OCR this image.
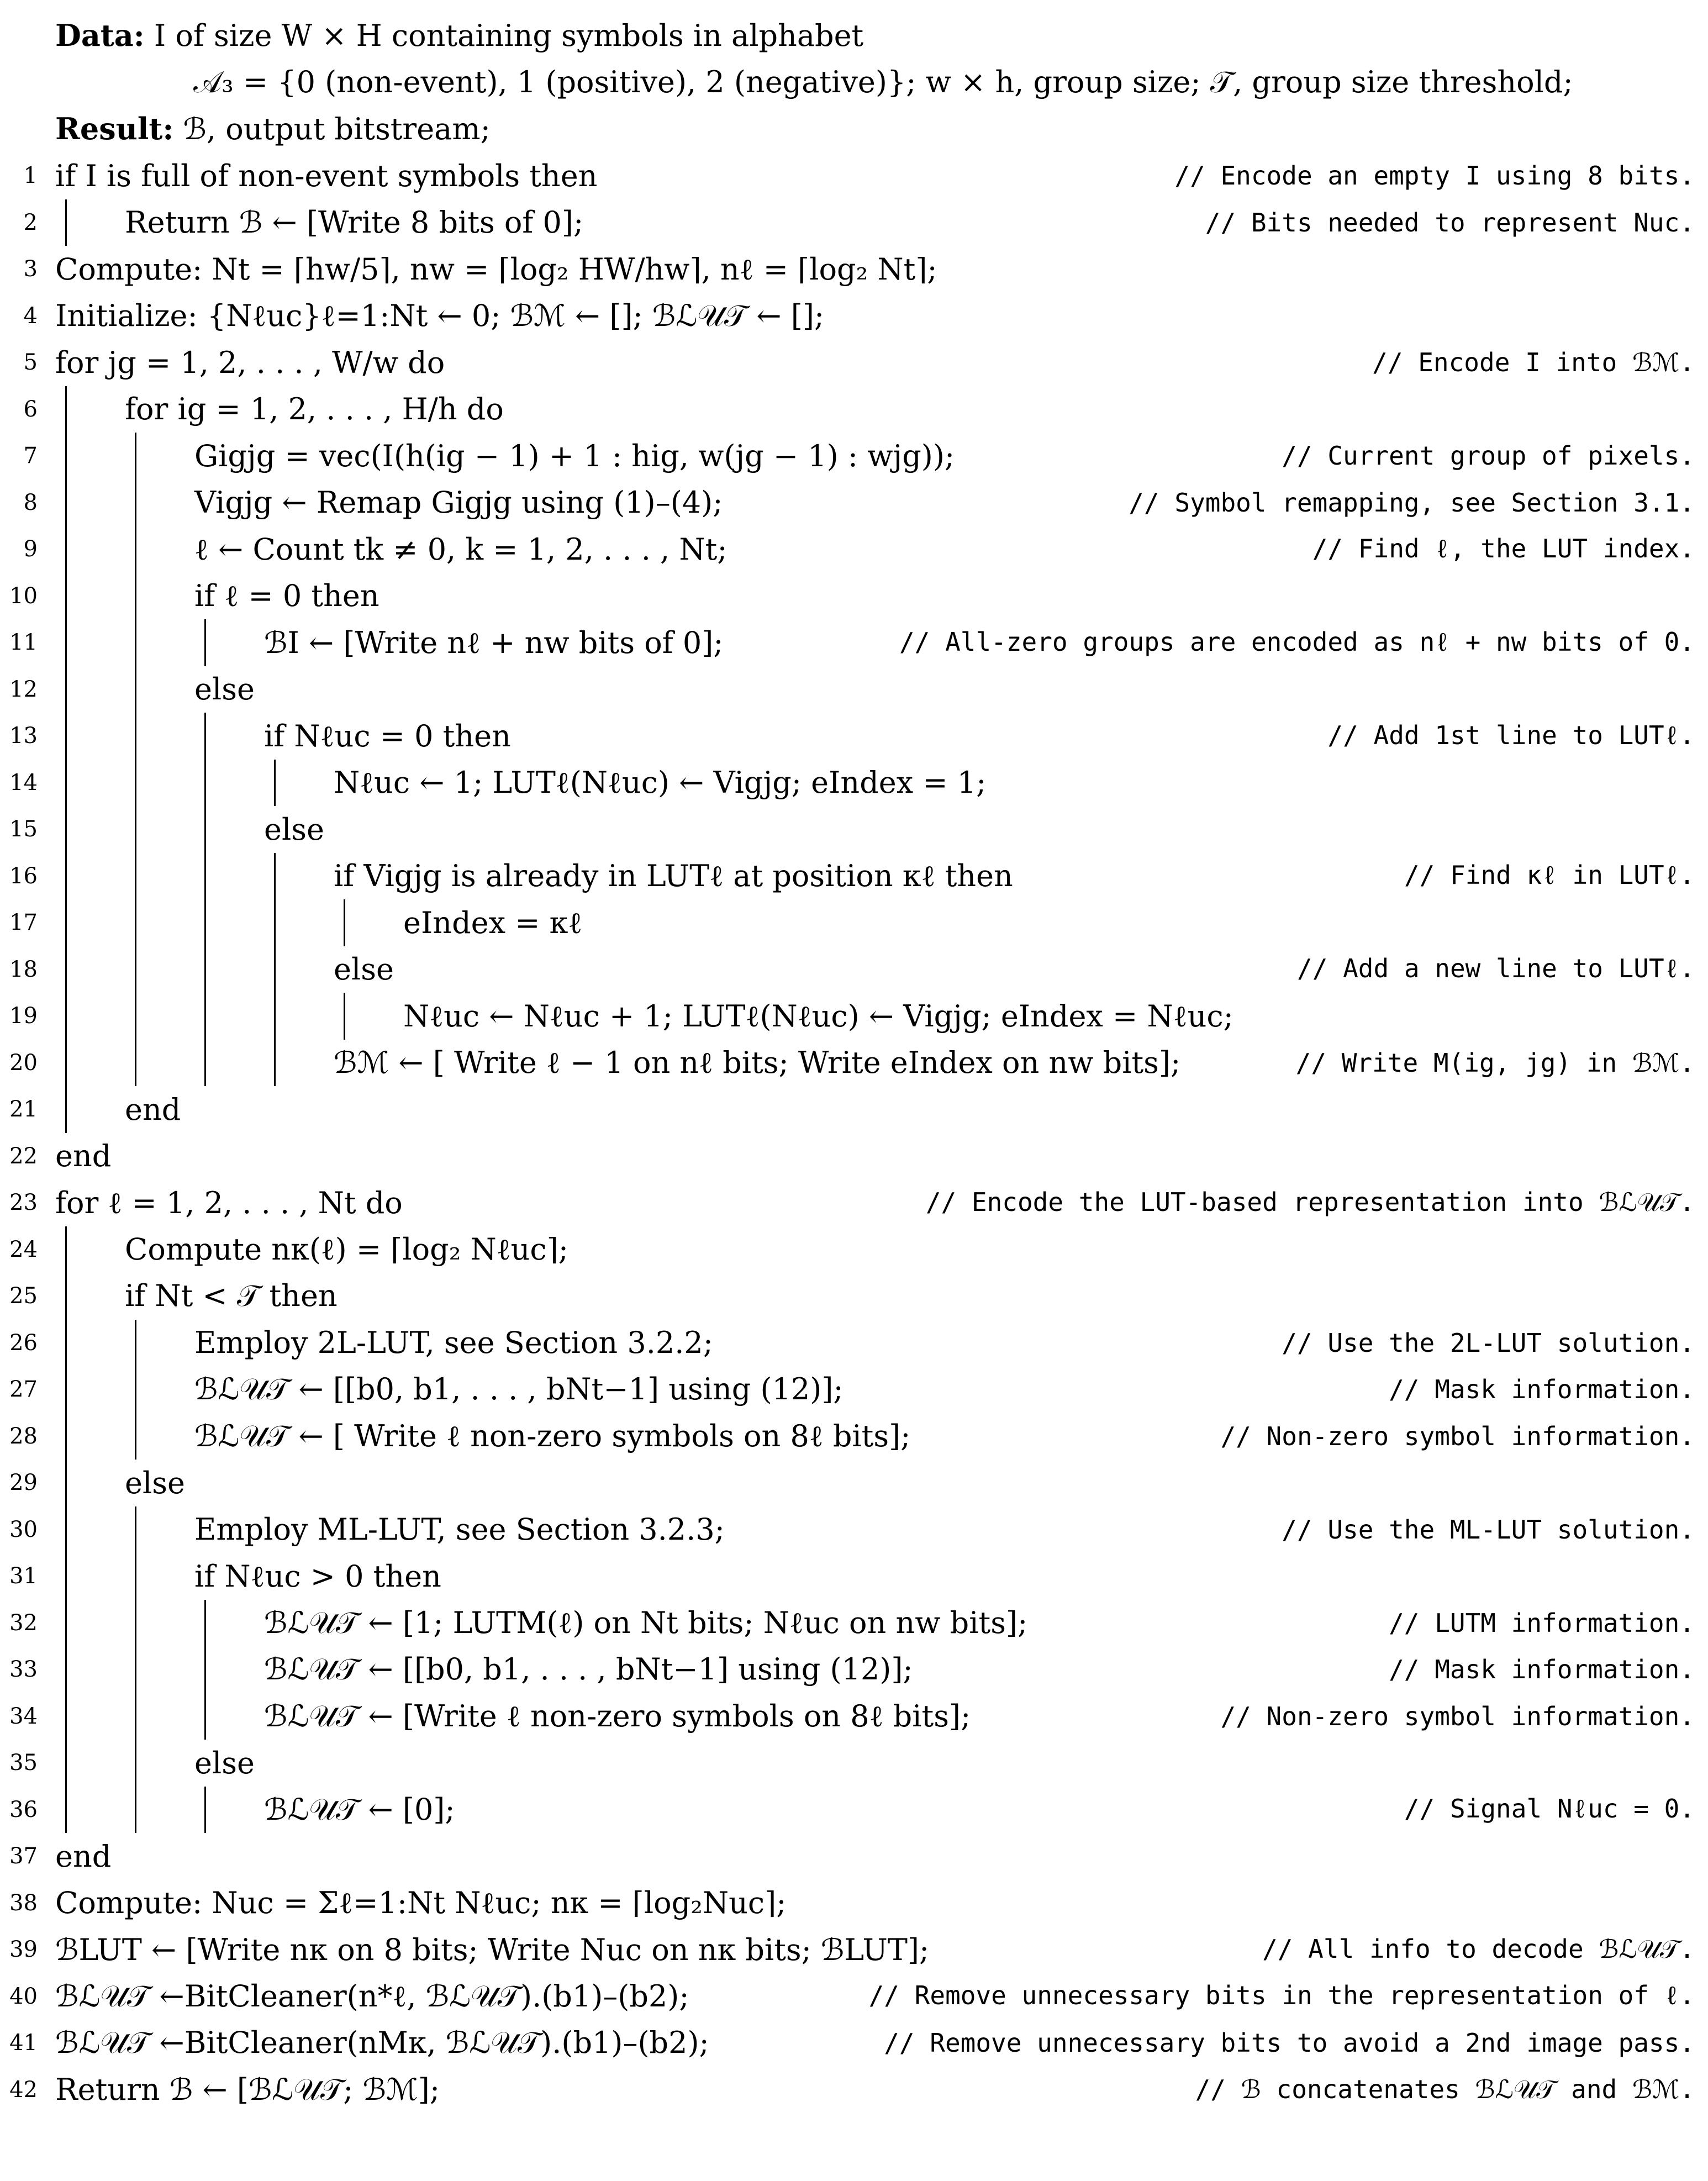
Data: I of size W × H containing symbols in alphabet
𝒜₃ = {0 (non-event), 1 (positive), 2 (negative)}; w × h, group size; 𝒯, group size threshold;
Result: ℬ, output bitstream;
1 if I is full of non-event symbols then	// Encode an empty I using 8 bits.
2	Return ℬ ← [Write 8 bits of 0];	// Bits needed to represent Nuc.
3 Compute: Nt = ⌈hw/5⌉, nw = ⌈log₂ HW/hw⌉, nℓ = ⌈log₂ Nt⌉;
4 Initialize: {Nℓuc}ℓ=1:Nt ← 0; ℬℳ ← []; ℬℒ𝒰𝒯 ← [];
5 for jg = 1, 2, . . . , W/w do	// Encode I into ℬℳ.
6	for ig = 1, 2, . . . , H/h do
7	Gigjg = vec(I(h(ig − 1) + 1 : hig, w(jg − 1) : wjg));	// Current group of pixels.
8	Vigjg ← Remap Gigjg using (1)–(4);	// Symbol remapping, see Section 3.1.
9	ℓ ← Count tk ≠ 0, k = 1, 2, . . . , Nt;	// Find ℓ, the LUT index.
10	if ℓ = 0 then
11	ℬI ← [Write nℓ + nw bits of 0];	// All-zero groups are encoded as nℓ + nw bits of 0.
12	else
13	if Nℓuc = 0 then	// Add 1st line to LUTℓ.
14	Nℓuc ← 1; LUTℓ(Nℓuc) ← Vigjg; eIndex = 1;
15	else
16	if Vigjg is already in LUTℓ at position κℓ then	// Find κℓ in LUTℓ.
17	eIndex = κℓ
18	else	// Add a new line to LUTℓ.
19	Nℓuc ← Nℓuc + 1; LUTℓ(Nℓuc) ← Vigjg; eIndex = Nℓuc;
20	ℬℳ ← [ Write ℓ − 1 on nℓ bits; Write eIndex on nw bits];	// Write M(ig, jg) in ℬℳ.
21	end
22 end
23 for ℓ = 1, 2, . . . , Nt do	// Encode the LUT-based representation into ℬℒ𝒰𝒯.
24	Compute nκ(ℓ) = ⌈log₂ Nℓuc⌉;
25	if Nt < 𝒯 then
26	Employ 2L-LUT, see Section 3.2.2;	// Use the 2L-LUT solution.
27	ℬℒ𝒰𝒯 ← [[b0, b1, . . . , bNt−1] using (12)];	// Mask information.
28	ℬℒ𝒰𝒯 ← [ Write ℓ non-zero symbols on 8ℓ bits];	// Non-zero symbol information.
29	else
30	Employ ML-LUT, see Section 3.2.3;	// Use the ML-LUT solution.
31	if Nℓuc > 0 then
32	ℬℒ𝒰𝒯 ← [1; LUTM(ℓ) on Nt bits; Nℓuc on nw bits];	// LUTM information.
33	ℬℒ𝒰𝒯 ← [[b0, b1, . . . , bNt−1] using (12)];	// Mask information.
34	ℬℒ𝒰𝒯 ← [Write ℓ non-zero symbols on 8ℓ bits];	// Non-zero symbol information.
35	else
36	ℬℒ𝒰𝒯 ← [0];	// Signal Nℓuc = 0.
37 end
38 Compute: Nuc = Σℓ=1:Nt Nℓuc; nκ = ⌈log₂Nuc⌉;
39 ℬLUT ← [Write nκ on 8 bits; Write Nuc on nκ bits; ℬLUT];	// All info to decode ℬℒ𝒰𝒯.
40 ℬℒ𝒰𝒯 ←BitCleaner(n*ℓ, ℬℒ𝒰𝒯).(b1)–(b2);	// Remove unnecessary bits in the representation of ℓ.
41 ℬℒ𝒰𝒯 ←BitCleaner(nMκ, ℬℒ𝒰𝒯).(b1)–(b2);	// Remove unnecessary bits to avoid a 2nd image pass.
42 Return ℬ ← [ℬℒ𝒰𝒯; ℬℳ];	// ℬ concatenates ℬℒ𝒰𝒯 and ℬℳ.
